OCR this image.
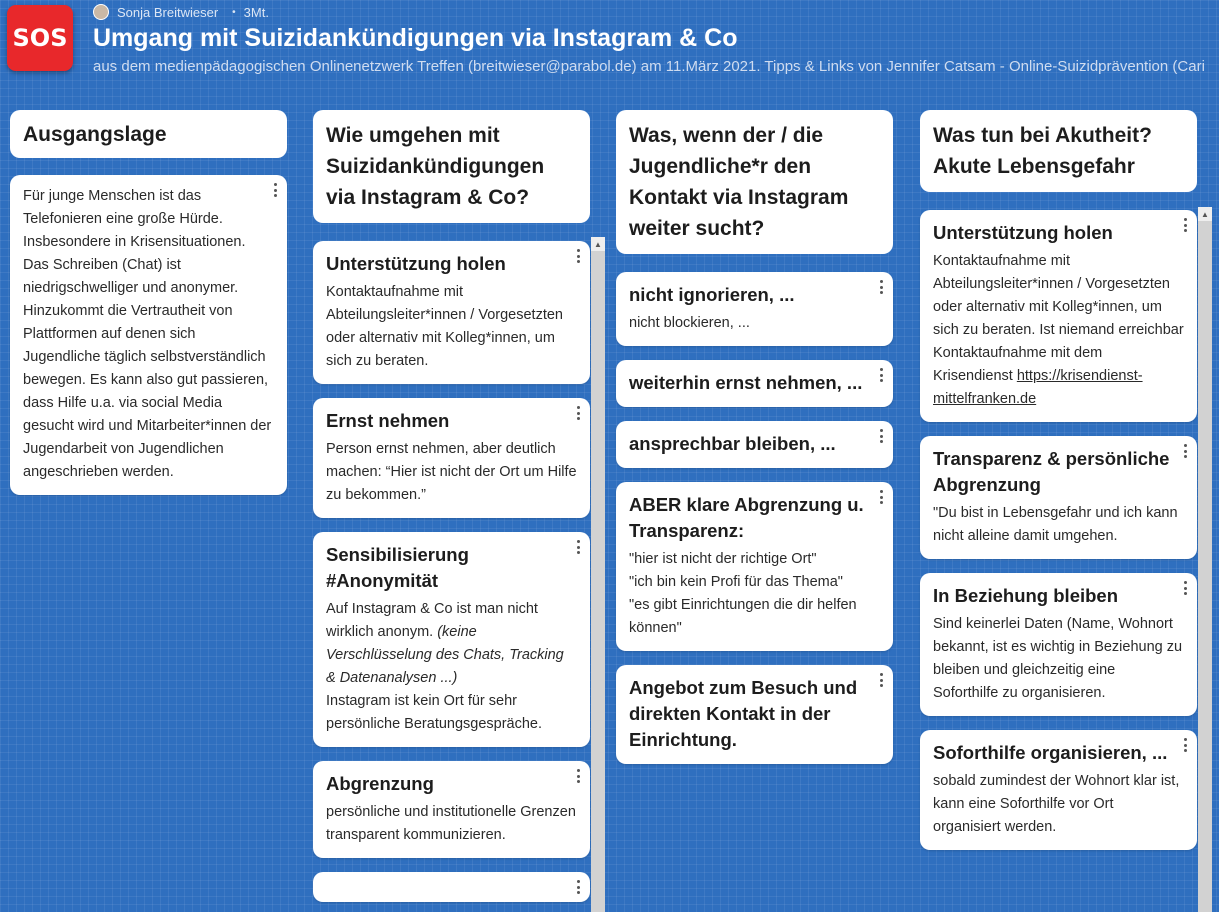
SOS
Sonja Breitwieser • 3Mt.
Umgang mit Suizidankündigungen via Instagram & Co
aus dem medienpädagogischen Onlinenetzwerk Treffen (breitwieser@parabol.de) am 11.März 2021. Tipps & Links von Jennifer Catsam - Online-Suizidprävention (Cari
Ausgangslage
Für junge Menschen ist das Telefonieren eine große Hürde. Insbesondere in Krisensituationen. Das Schreiben (Chat) ist niedrigschwelliger und anonymer. Hinzukommt die Vertrautheit von Plattformen auf denen sich Jugendliche täglich selbstverständlich bewegen. Es kann also gut passieren, dass Hilfe u.a. via social Media gesucht wird und Mitarbeiter*innen der Jugendarbeit von Jugendlichen angeschrieben werden.
Wie umgehen mit Suizidankündigungen via Instagram & Co?
Unterstützung holen
Kontaktaufnahme mit Abteilungsleiter*innen / Vorgesetzten oder alternativ mit Kolleg*innen, um sich zu beraten.
Ernst nehmen
Person ernst nehmen, aber deutlich machen: “Hier ist nicht der Ort um Hilfe zu bekommen.”
Sensibilisierung #Anonymität
Auf Instagram & Co ist man nicht wirklich anonym. (keine Verschlüsselung des Chats, Tracking & Datenanalysen ...)
Instagram ist kein Ort für sehr persönliche Beratungsgespräche.
Abgrenzung
persönliche und institutionelle Grenzen transparent kommunizieren.
▲
Was, wenn der / die Jugendliche*r den Kontakt via Instagram weiter sucht?
nicht ignorieren, ...
nicht blockieren, ...
weiterhin ernst nehmen, ...
ansprechbar bleiben, ...
ABER klare Abgrenzung u. Transparenz:
"hier ist nicht der richtige Ort"
"ich bin kein Profi für das Thema"
"es gibt Einrichtungen die dir helfen können"
Angebot zum Besuch und direkten Kontakt in der Einrichtung.
Was tun bei Akutheit? Akute Lebensgefahr
Unterstützung holen
Kontaktaufnahme mit Abteilungsleiter*innen / Vorgesetzten oder alternativ mit Kolleg*innen, um sich zu beraten. Ist niemand erreichbar Kontaktaufnahme mit dem Krisendienst https://krisendienst-mittelfranken.de
Transparenz & persönliche Abgrenzung
"Du bist in Lebensgefahr und ich kann nicht alleine damit umgehen.
In Beziehung bleiben
Sind keinerlei Daten (Name, Wohnort bekannt, ist es wichtig in Beziehung zu bleiben und gleichzeitig eine Soforthilfe zu organisieren.
Soforthilfe organisieren, ...
sobald zumindest der Wohnort klar ist, kann eine Soforthilfe vor Ort organisiert werden.
▲
